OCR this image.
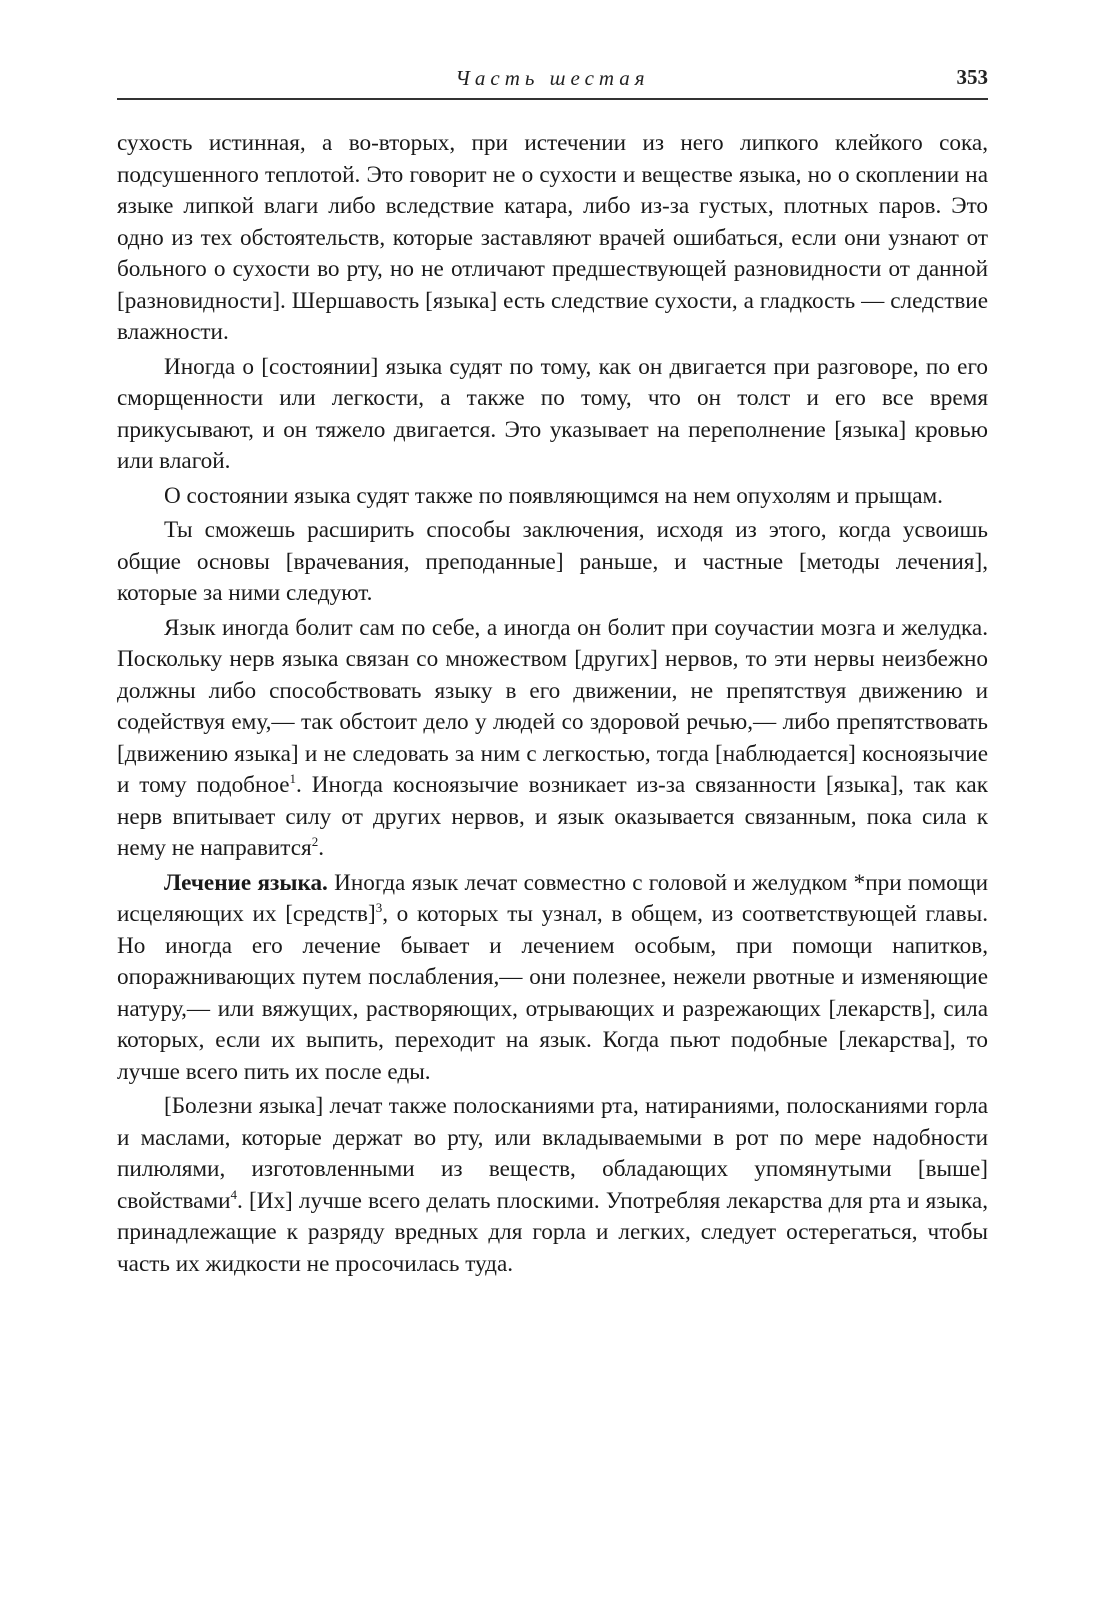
Часть шестая	353

сухость истинная, а во-вторых, при истечении из него липкого клейкого сока, подсушенного теплотой. Это говорит не о сухости и веществе языка, но о скоплении на языке липкой влаги либо вследствие катара, либо из-за густых, плотных паров. Это одно из тех обстоятельств, которые заставляют врачей ошибаться, если они узнают от больного о сухости во рту, но не отличают предшествующей разновидности от данной [разновидности]. Шершавость [языка] есть следствие сухости, а гладкость — следствие влажности.

Иногда о [состоянии] языка судят по тому, как он двигается при разговоре, по его сморщенности или легкости, а также по тому, что он толст и его все время прикусывают, и он тяжело двигается. Это указывает на переполнение [языка] кровью или влагой.

О состоянии языка судят также по появляющимся на нем опухолям и прыщам.

Ты сможешь расширить способы заключения, исходя из этого, когда усвоишь общие основы [врачевания, преподанные] раньше, и частные [методы лечения], которые за ними следуют.

Язык иногда болит сам по себе, а иногда он болит при соучастии мозга и желудка. Поскольку нерв языка связан со множеством [других] нервов, то эти нервы неизбежно должны либо способствовать языку в его движении, не препятствуя движению и содействуя ему,— так обстоит дело у людей со здоровой речью,— либо препятствовать [движению языка] и не следовать за ним с легкостью, тогда [наблюдается] косноязычие и тому подобное$^1$. Иногда косноязычие возникает из-за связанности [языка], так как нерв впитывает силу от других нервов, и язык оказывается связанным, пока сила к нему не направится$^2$.

Лечение языка. Иногда язык лечат совместно с головой и желудком *при помощи исцеляющих их [средств]$^3$, о которых ты узнал, в общем, из соответствующей главы. Но иногда его лечение бывает и лечением особым, при помощи напитков, опоражнивающих путем послабления,— они полезнее, нежели рвотные и изменяющие натуру,— или вяжущих, растворяющих, отрывающих и разрежающих [лекарств], сила которых, если их выпить, переходит на язык. Когда пьют подобные [лекарства], то лучше всего пить их после еды.

[Болезни языка] лечат также полосканиями рта, натираниями, полосканиями горла и маслами, которые держат во рту, или вкладываемыми в рот по мере надобности пилюлями, изготовленными из веществ, обладающих упомянутыми [выше] свойствами$^4$. [Их] лучше всего делать плоскими. Употребляя лекарства для рта и языка, принадлежащие к разряду вредных для горла и легких, следует остерегаться, чтобы часть их жидкости не просочилась туда.
